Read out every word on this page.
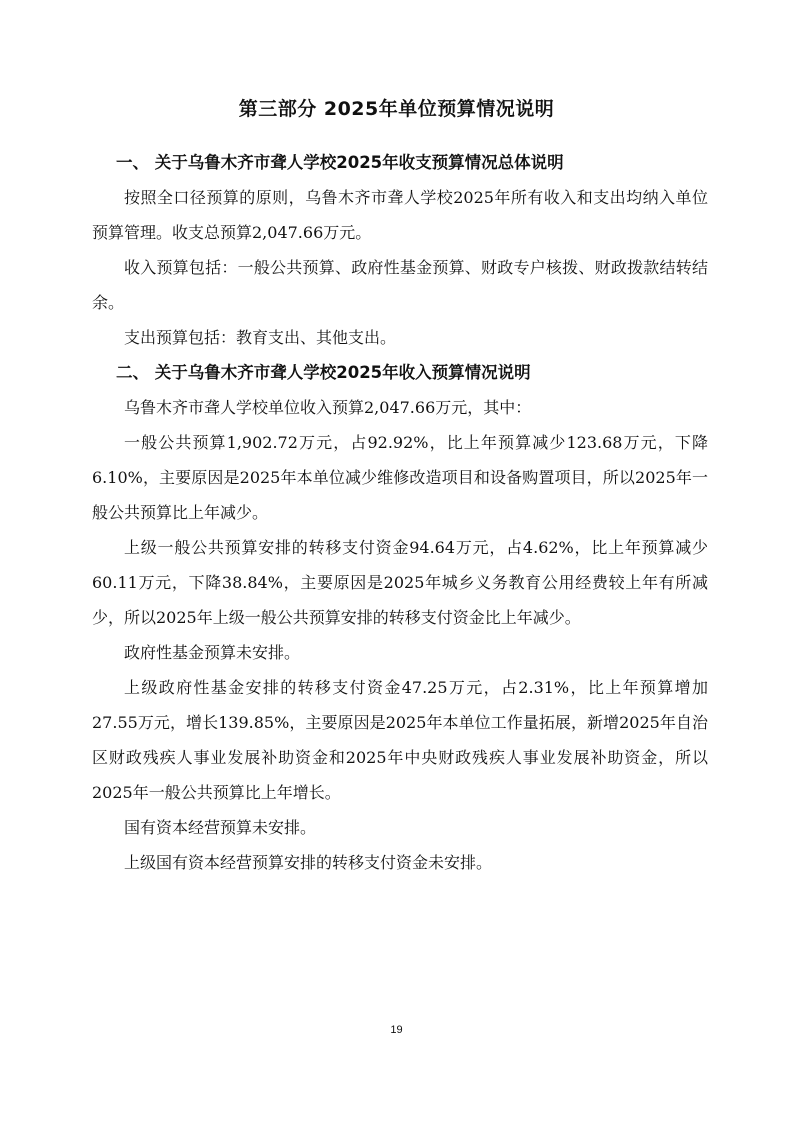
第三部分 2025年单位预算情况说明

一、 关于乌鲁木齐市聋人学校2025年收支预算情况总体说明

按照全口径预算的原则，乌鲁木齐市聋人学校2025年所有收入和支出均纳入单位预算管理。收支总预算2,047.66万元。

收入预算包括：一般公共预算、政府性基金预算、财政专户核拨、财政拨款结转结余。

支出预算包括：教育支出、其他支出。

二、 关于乌鲁木齐市聋人学校2025年收入预算情况说明

乌鲁木齐市聋人学校单位收入预算2,047.66万元，其中：

一般公共预算1,902.72万元，占92.92%，比上年预算减少123.68万元，下降6.10%，主要原因是2025年本单位减少维修改造项目和设备购置项目，所以2025年一般公共预算比上年减少。

上级一般公共预算安排的转移支付资金94.64万元，占4.62%，比上年预算减少60.11万元，下降38.84%，主要原因是2025年城乡义务教育公用经费较上年有所减少，所以2025年上级一般公共预算安排的转移支付资金比上年减少。

政府性基金预算未安排。

上级政府性基金安排的转移支付资金47.25万元，占2.31%，比上年预算增加27.55万元，增长139.85%，主要原因是2025年本单位工作量拓展，新增2025年自治区财政残疾人事业发展补助资金和2025年中央财政残疾人事业发展补助资金，所以2025年一般公共预算比上年增长。

国有资本经营预算未安排。

上级国有资本经营预算安排的转移支付资金未安排。

19
